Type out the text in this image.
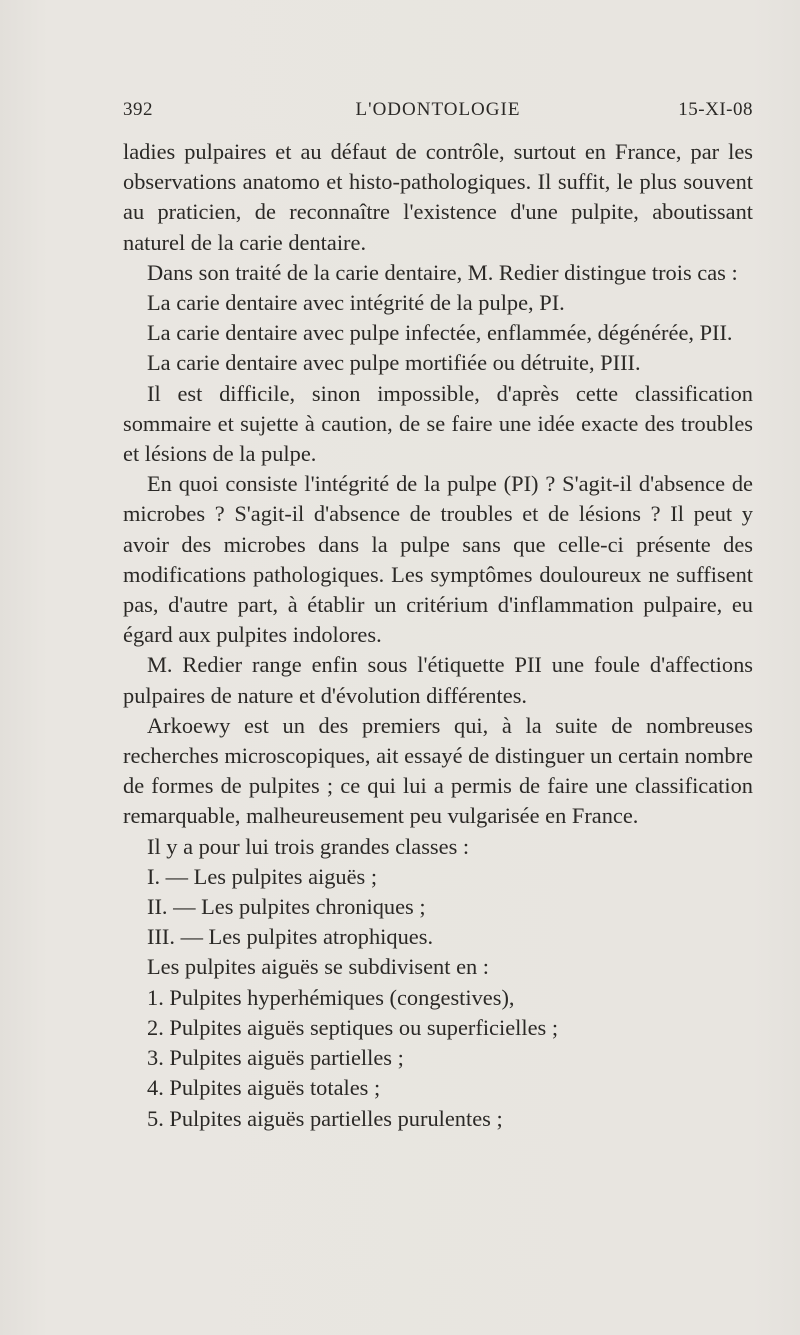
392	L'ODONTOLOGIE	15-XI-08

ladies pulpaires et au défaut de contrôle, surtout en France, par les observations anatomo et histo-pathologiques. Il suffit, le plus souvent au praticien, de reconnaître l'existence d'une pulpite, aboutissant naturel de la carie dentaire.

Dans son traité de la carie dentaire, M. Redier distingue trois cas :

La carie dentaire avec intégrité de la pulpe, PI.

La carie dentaire avec pulpe infectée, enflammée, dégénérée, PII.

La carie dentaire avec pulpe mortifiée ou détruite, PIII.

Il est difficile, sinon impossible, d'après cette classification sommaire et sujette à caution, de se faire une idée exacte des troubles et lésions de la pulpe.

En quoi consiste l'intégrité de la pulpe (PI) ? S'agit-il d'absence de microbes ? S'agit-il d'absence de troubles et de lésions ? Il peut y avoir des microbes dans la pulpe sans que celle-ci présente des modifications pathologiques. Les symptômes douloureux ne suffisent pas, d'autre part, à établir un critérium d'inflammation pulpaire, eu égard aux pulpites indolores.

M. Redier range enfin sous l'étiquette PII une foule d'affections pulpaires de nature et d'évolution différentes.

Arkoewy est un des premiers qui, à la suite de nombreuses recherches microscopiques, ait essayé de distinguer un certain nombre de formes de pulpites ; ce qui lui a permis de faire une classification remarquable, malheureusement peu vulgarisée en France.

Il y a pour lui trois grandes classes :

I. — Les pulpites aiguës ;

II. — Les pulpites chroniques ;

III. — Les pulpites atrophiques.

Les pulpites aiguës se subdivisent en :

1. Pulpites hyperhémiques (congestives),

2. Pulpites aiguës septiques ou superficielles ;

3. Pulpites aiguës partielles ;

4. Pulpites aiguës totales ;

5. Pulpites aiguës partielles purulentes ;
